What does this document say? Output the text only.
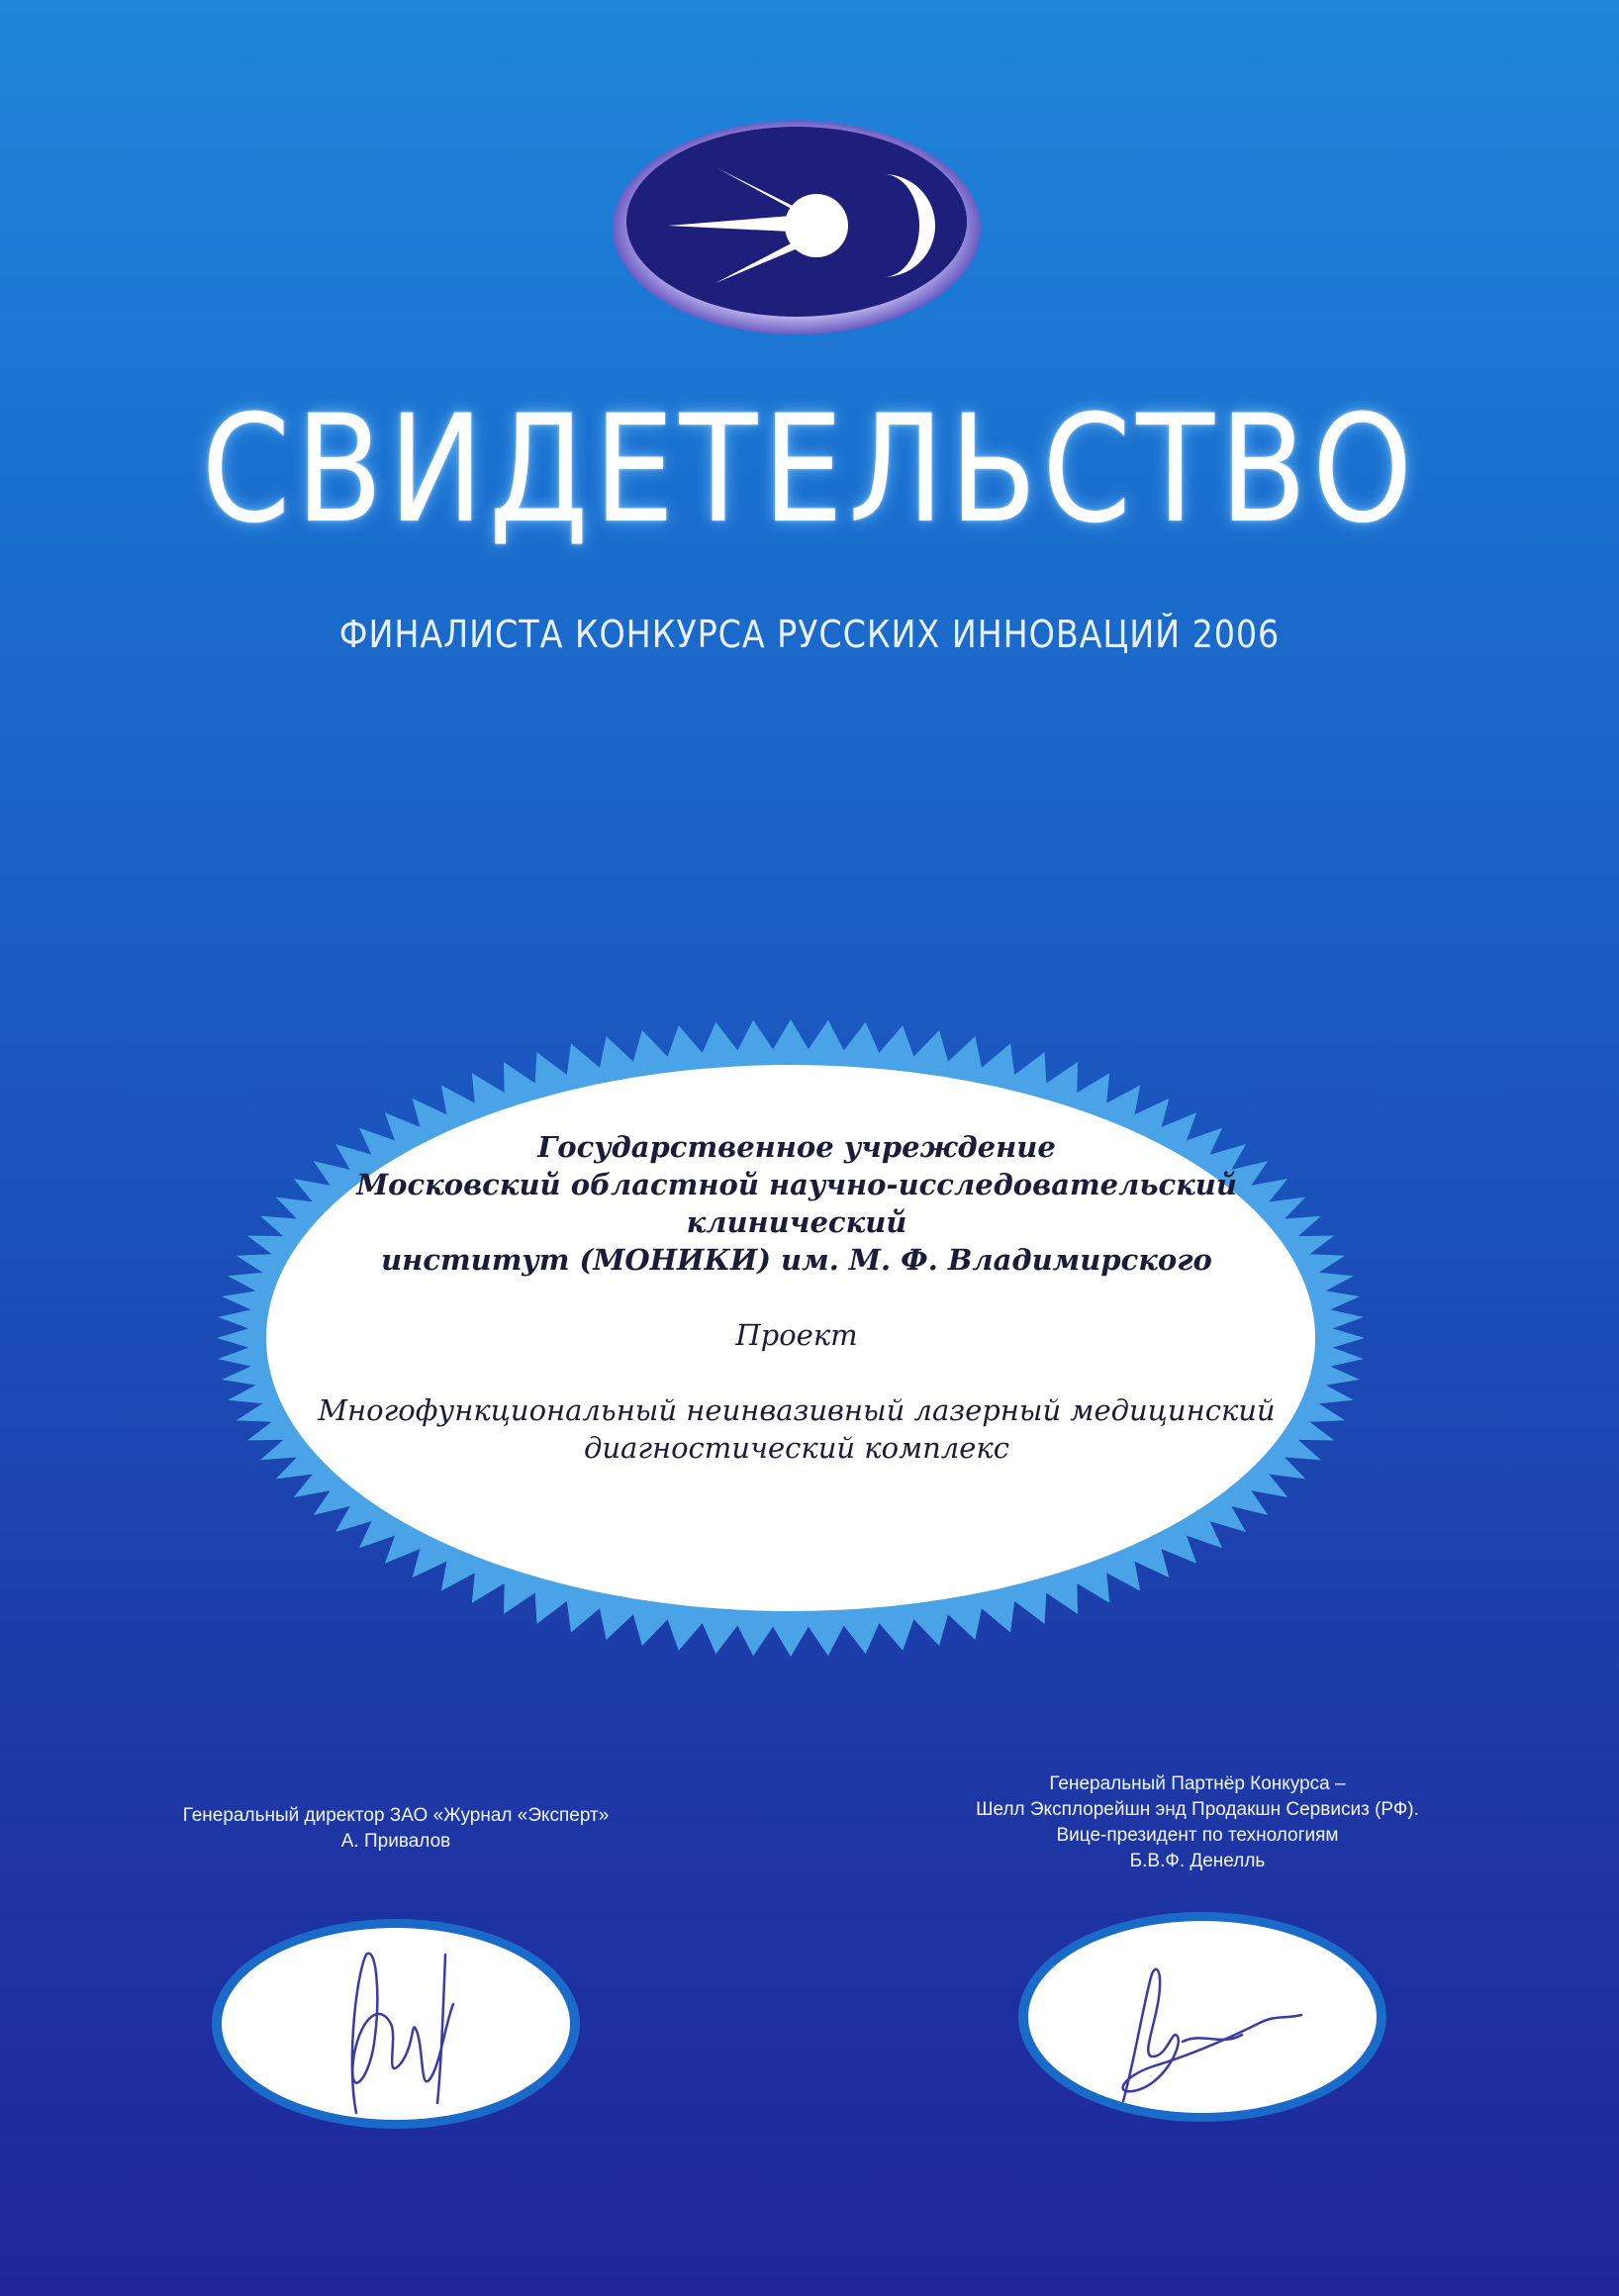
СВИДЕТЕЛЬСТВО
ФИНАЛИСТА КОНКУРСА РУССКИХ ИННОВАЦИЙ 2006
Государственное учреждение
Московский областной научно-исследовательский клинический
институт (МОНИКИ) им. М. Ф. Владимирского
Проект
Многофункциональный неинвазивный лазерный медицинский
диагностический комплекс
Генеральный директор ЗАО «Журнал «Эксперт»
А. Привалов
Генеральный Партнёр Конкурса –
Шелл Эксплорейшн энд Продакшн Сервисиз (РФ).
Вице-президент по технологиям
Б.В.Ф. Денелль
